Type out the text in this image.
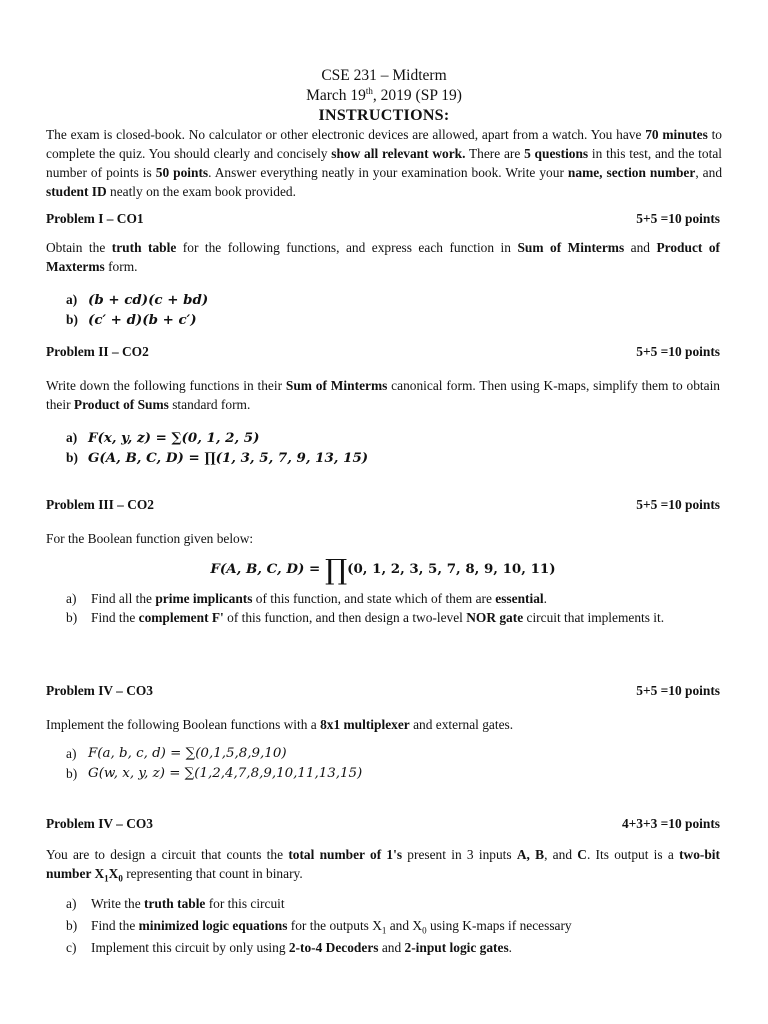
CSE 231 – Midterm
March 19th, 2019 (SP 19)
INSTRUCTIONS:

The exam is closed-book. No calculator or other electronic devices are allowed, apart from a watch. You have 70 minutes to complete the quiz. You should clearly and concisely show all relevant work. There are 5 questions in this test, and the total number of points is 50 points. Answer everything neatly in your examination book. Write your name, section number, and student ID neatly on the exam book provided.

Problem I – CO1	5+5 =10 points

Obtain the truth table for the following functions, and express each function in Sum of Minterms and Product of Maxterms form.

a) (b + cd)(c + bd)
b) (c′ + d)(b + c′)
Problem II – CO2	5+5 =10 points

Write down the following functions in their Sum of Minterms canonical form. Then using K-maps, simplify them to obtain their Product of Sums standard form.

a) F(x, y, z) = ∑(0, 1, 2, 5)
b) G(A, B, C, D) = ∏(1, 3, 5, 7, 9, 13, 15)
Problem III – CO2	5+5 =10 points

For the Boolean function given below:

F(A, B, C, D) = ∏(0, 1, 2, 3, 5, 7, 8, 9, 10, 11)
a)	Find all the prime implicants of this function, and state which of them are essential.
b)	Find the complement F' of this function, and then design a two-level NOR gate circuit that implements it.
Problem IV – CO3	5+5 =10 points

Implement the following Boolean functions with a 8x1 multiplexer and external gates.

a) F(a, b, c, d) = ∑(0,1,5,8,9,10)
b) G(w, x, y, z) = ∑(1,2,4,7,8,9,10,11,13,15)
Problem IV – CO3	4+3+3 =10 points

You are to design a circuit that counts the total number of 1's present in 3 inputs A, B, and C. Its output is a two-bit number $X_1X_0$ representing that count in binary.

a)	Write the truth table for this circuit
b)	Find the minimized logic equations for the outputs $X_1$ and $X_0$ using K-maps if necessary
c)	Implement this circuit by only using 2-to-4 Decoders and 2-input logic gates.
